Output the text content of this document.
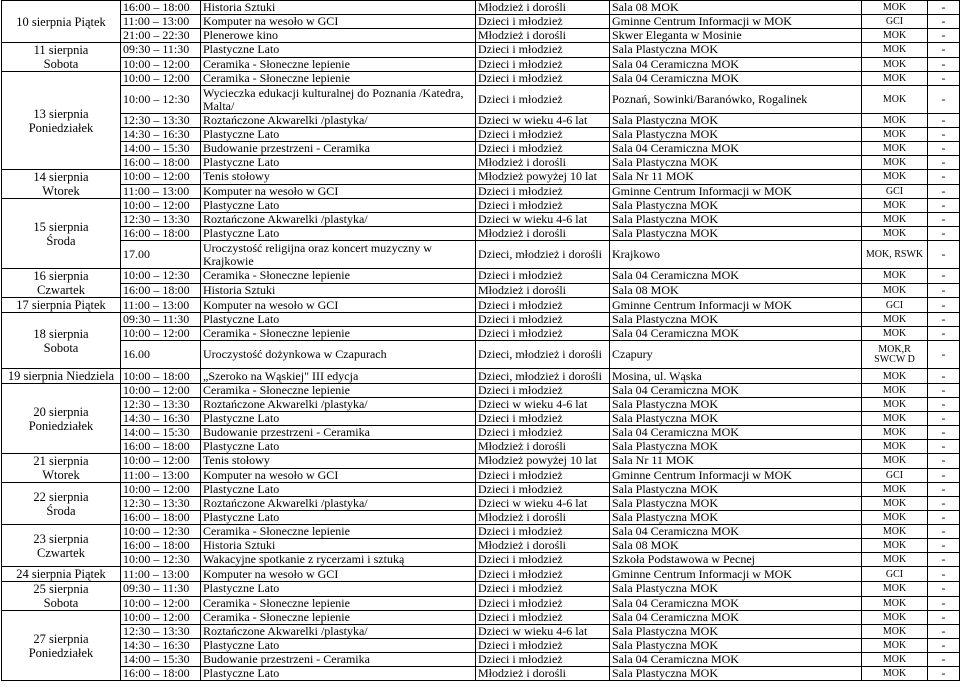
10 sierpnia Piątek	16:00 – 18:00	Historia Sztuki	Młodzież i dorośli	Sala 08 MOK	MOK	-
	11:00 – 13:00	Komputer na wesoło w GCI	Dzieci i młodzież	Gminne Centrum Informacji w MOK	GCI	-
	21:00 – 22:30	Plenerowe kino	Młodzież i dorośli	Skwer Eleganta w Mosinie	MOK	-
11 sierpnia
Sobota	09:30 – 11:30	Plastyczne Lato	Dzieci i młodzież	Sala Plastyczna MOK	MOK	-
	10:00 – 12:00	Ceramika - Słoneczne lepienie	Dzieci i młodzież	Sala 04 Ceramiczna MOK	MOK	-
13 sierpnia
Poniedziałek	10:00 – 12:00	Ceramika - Słoneczne lepienie	Dzieci i młodzież	Sala 04 Ceramiczna MOK	MOK	-
	10:00 – 12:30	Wycieczka edukacji kulturalnej do Poznania /Katedra, Malta/	Dzieci i młodzież	Poznań, Sowinki/Baranówko, Rogalinek	MOK	-
	12:30 – 13:30	Roztańczone Akwarelki /plastyka/	Dzieci w wieku 4-6 lat	Sala Plastyczna MOK	MOK	-
	14:30 – 16:30	Plastyczne Lato	Dzieci i młodzież	Sala Plastyczna MOK	MOK	-
	14:00 – 15:30	Budowanie przestrzeni - Ceramika	Dzieci i młodzież	Sala 04 Ceramiczna MOK	MOK	-
	16:00 – 18:00	Plastyczne Lato	Młodzież i dorośli	Sala Plastyczna MOK	MOK	-
14 sierpnia
Wtorek	10:00 – 12:00	Tenis stołowy	Młodzież powyżej 10 lat	Sala Nr 11 MOK	MOK	-
	11:00 – 13:00	Komputer na wesoło w GCI	Dzieci i młodzież	Gminne Centrum Informacji w MOK	GCI	-
15 sierpnia
Środa	10:00 – 12:00	Plastyczne Lato	Dzieci i młodzież	Sala Plastyczna MOK	MOK	-
	12:30 – 13:30	Roztańczone Akwarelki /plastyka/	Dzieci w wieku 4-6 lat	Sala Plastyczna MOK	MOK	-
	16:00 – 18:00	Plastyczne Lato	Młodzież i dorośli	Sala Plastyczna MOK	MOK	-
	17.00	Uroczystość religijna oraz koncert muzyczny w Krajkowie	Dzieci, młodzież i dorośli	Krajkowo	MOK, RSWK	-
16 sierpnia
Czwartek	10:00 – 12:30	Ceramika - Słoneczne lepienie	Dzieci i młodzież	Sala 04 Ceramiczna MOK	MOK	-
	16:00 – 18:00	Historia Sztuki	Młodzież i dorośli	Sala 08 MOK	MOK	-
17 sierpnia Piątek	11:00 – 13:00	Komputer na wesoło w GCI	Dzieci i młodzież	Gminne Centrum Informacji w MOK	GCI	-
18 sierpnia
Sobota	09:30 – 11:30	Plastyczne Lato	Dzieci i młodzież	Sala Plastyczna MOK	MOK	-
	10:00 – 12:00	Ceramika - Słoneczne lepienie	Dzieci i młodzież	Sala 04 Ceramiczna MOK	MOK	-
	16.00	Uroczystość dożynkowa w Czapurach	Dzieci, młodzież i dorośli	Czapury	MOK,R SWCW D	-
19 sierpnia Niedziela	10:00 – 18:00	„Szeroko na Wąskiej" III edycja	Dzieci, młodzież i dorośli	Mosina, ul. Wąska	MOK	-
20 sierpnia
Poniedziałek	10:00 – 12:00	Ceramika - Słoneczne lepienie	Dzieci i młodzież	Sala 04 Ceramiczna MOK	MOK	-
	12:30 – 13:30	Roztańczone Akwarelki /plastyka/	Dzieci w wieku 4-6 lat	Sala Plastyczna MOK	MOK	-
	14:30 – 16:30	Plastyczne Lato	Dzieci i młodzież	Sala Plastyczna MOK	MOK	-
	14:00 – 15:30	Budowanie przestrzeni - Ceramika	Dzieci i młodzież	Sala 04 Ceramiczna MOK	MOK	-
	16:00 – 18:00	Plastyczne Lato	Młodzież i dorośli	Sala Plastyczna MOK	MOK	-
21 sierpnia
Wtorek	10:00 – 12:00	Tenis stołowy	Młodzież powyżej 10 lat	Sala Nr 11 MOK	MOK	-
	11:00 – 13:00	Komputer na wesoło w GCI	Dzieci i młodzież	Gminne Centrum Informacji w MOK	GCI	-
22 sierpnia
Środa	10:00 – 12:00	Plastyczne Lato	Dzieci i młodzież	Sala Plastyczna MOK	MOK	-
	12:30 – 13:30	Roztańczone Akwarelki /plastyka/	Dzieci w wieku 4-6 lat	Sala Plastyczna MOK	MOK	-
	16:00 – 18:00	Plastyczne Lato	Młodzież i dorośli	Sala Plastyczna MOK	MOK	-
23 sierpnia
Czwartek	10:00 – 12:30	Ceramika - Słoneczne lepienie	Dzieci i młodzież	Sala 04 Ceramiczna MOK	MOK	-
	16:00 – 18:00	Historia Sztuki	Młodzież i dorośli	Sala 08 MOK	MOK	-
	10:00 – 12:30	Wakacyjne spotkanie z rycerzami i sztuką	Dzieci i młodzież	Szkoła Podstawowa w Pecnej	MOK	-
24 sierpnia Piątek	11:00 – 13:00	Komputer na wesoło w GCI	Dzieci i młodzież	Gminne Centrum Informacji w MOK	GCI	-
25 sierpnia
Sobota	09:30 – 11:30	Plastyczne Lato	Dzieci i młodzież	Sala Plastyczna MOK	MOK	-
	10:00 – 12:00	Ceramika - Słoneczne lepienie	Dzieci i młodzież	Sala 04 Ceramiczna MOK	MOK	-
27 sierpnia
Poniedziałek	10:00 – 12:00	Ceramika - Słoneczne lepienie	Dzieci i młodzież	Sala 04 Ceramiczna MOK	MOK	-
	12:30 – 13:30	Roztańczone Akwarelki /plastyka/	Dzieci w wieku 4-6 lat	Sala Plastyczna MOK	MOK	-
	14:30 – 16:30	Plastyczne Lato	Dzieci i młodzież	Sala Plastyczna MOK	MOK	-
	14:00 – 15:30	Budowanie przestrzeni - Ceramika	Dzieci i młodzież	Sala 04 Ceramiczna MOK	MOK	-
	16:00 – 18:00	Plastyczne Lato	Młodzież i dorośli	Sala Plastyczna MOK	MOK	-
